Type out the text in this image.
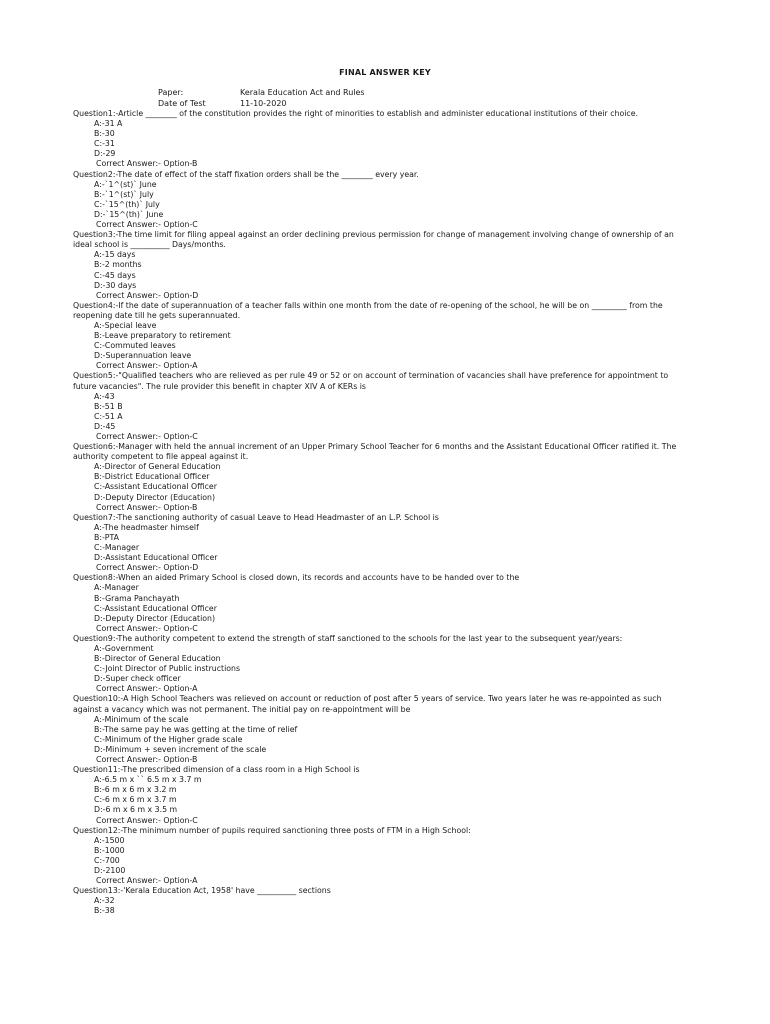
FINAL ANSWER KEY
Paper:	Kerala Education Act and Rules
Date of Test	11-10-2020
Question1:-Article ________ of the constitution provides the right of minorities to establish and administer educational institutions of their choice.
A:-31 A
B:-30
C:-31
D:-29
Correct Answer:- Option-B
Question2:-The date of effect of the staff fixation orders shall be the ________ every year.
A:-`1^(st)` June
B:-`1^(st)` July
C:-`15^(th)` July
D:-`15^(th)` June
Correct Answer:- Option-C
Question3:-The time limit for filing appeal against an order declining previous permission for change of management involving change of ownership of an ideal school is __________ Days/months.
A:-15 days
B:-2 months
C:-45 days
D:-30 days
Correct Answer:- Option-D
Question4:-If the date of superannuation of a teacher falls within one month from the date of re-opening of the school, he will be on _________ from the reopening date till he gets superannuated.
A:-Special leave
B:-Leave preparatory to retirement
C:-Commuted leaves
D:-Superannuation leave
Correct Answer:- Option-A
Question5:-"Qualified teachers who are relieved as per rule 49 or 52 or on account of termination of vacancies shall have preference for appointment to future vacancies". The rule provider this benefit in chapter XIV A of KERs is
A:-43
B:-51 B
C:-51 A
D:-45
Correct Answer:- Option-C
Question6:-Manager with held the annual increment of an Upper Primary School Teacher for 6 months and the Assistant Educational Officer ratified it. The authority competent to file appeal against it.
A:-Director of General Education
B:-District Educational Officer
C:-Assistant Educational Officer
D:-Deputy Director (Education)
Correct Answer:- Option-B
Question7:-The sanctioning authority of casual Leave to Head Headmaster of an L.P. School is
A:-The headmaster himself
B:-PTA
C:-Manager
D:-Assistant Educational Officer
Correct Answer:- Option-D
Question8:-When an aided Primary School is closed down, its records and accounts have to be handed over to the
A:-Manager
B:-Grama Panchayath
C:-Assistant Educational Officer
D:-Deputy Director (Education)
Correct Answer:- Option-C
Question9:-The authority competent to extend the strength of staff sanctioned to the schools for the last year to the subsequent year/years:
A:-Government
B:-Director of General Education
C:-Joint Director of Public instructions
D:-Super check officer
Correct Answer:- Option-A
Question10:-A High School Teachers was relieved on account or reduction of post after 5 years of service. Two years later he was re-appointed as such against a vacancy which was not permanent. The initial pay on re-appointment will be
A:-Minimum of the scale
B:-The same pay he was getting at the time of relief
C:-Minimum of the Higher grade scale
D:-Minimum + seven increment of the scale
Correct Answer:- Option-B
Question11:-The prescribed dimension of a class room in a High School is
A:-6.5 m x `` 6.5 m x 3.7 m
B:-6 m x 6 m x 3.2 m
C:-6 m x 6 m x 3.7 m
D:-6 m x 6 m x 3.5 m
Correct Answer:- Option-C
Question12:-The minimum number of pupils required sanctioning three posts of FTM in a High School:
A:-1500
B:-1000
C:-700
D:-2100
Correct Answer:- Option-A
Question13:-'Kerala Education Act, 1958' have __________ sections
A:-32
B:-38
